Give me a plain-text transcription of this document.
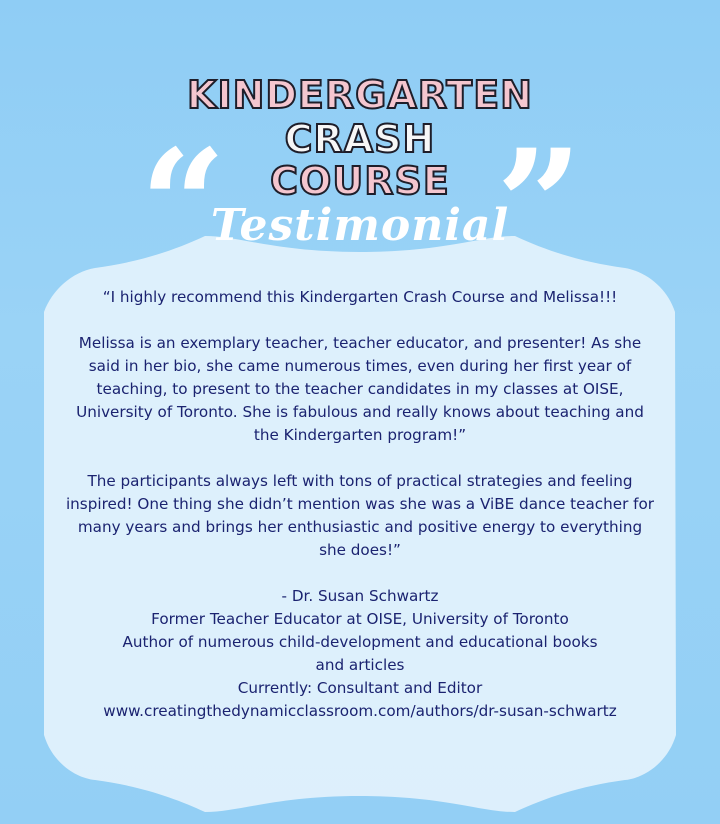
“ ”
KINDERGARTEN
CRASH
COURSE
Testimonial

“I highly recommend this Kindergarten Crash Course and Melissa!!!

Melissa is an exemplary teacher, teacher educator, and presenter! As she

said in her bio, she came numerous times, even during her first year of

teaching, to present to the teacher candidates in my classes at OISE,

University of Toronto. She is fabulous and really knows about teaching and

the Kindergarten program!”

The participants always left with tons of practical strategies and feeling

inspired! One thing she didn’t mention was she was a ViBE dance teacher for

many years and brings her enthusiastic and positive energy to everything

she does!”

- Dr. Susan Schwartz

Former Teacher Educator at OISE, University of Toronto

Author of numerous child-development and educational books

and articles

Currently: Consultant and Editor

www.creatingthedynamicclassroom.com/authors/dr-susan-schwartz
